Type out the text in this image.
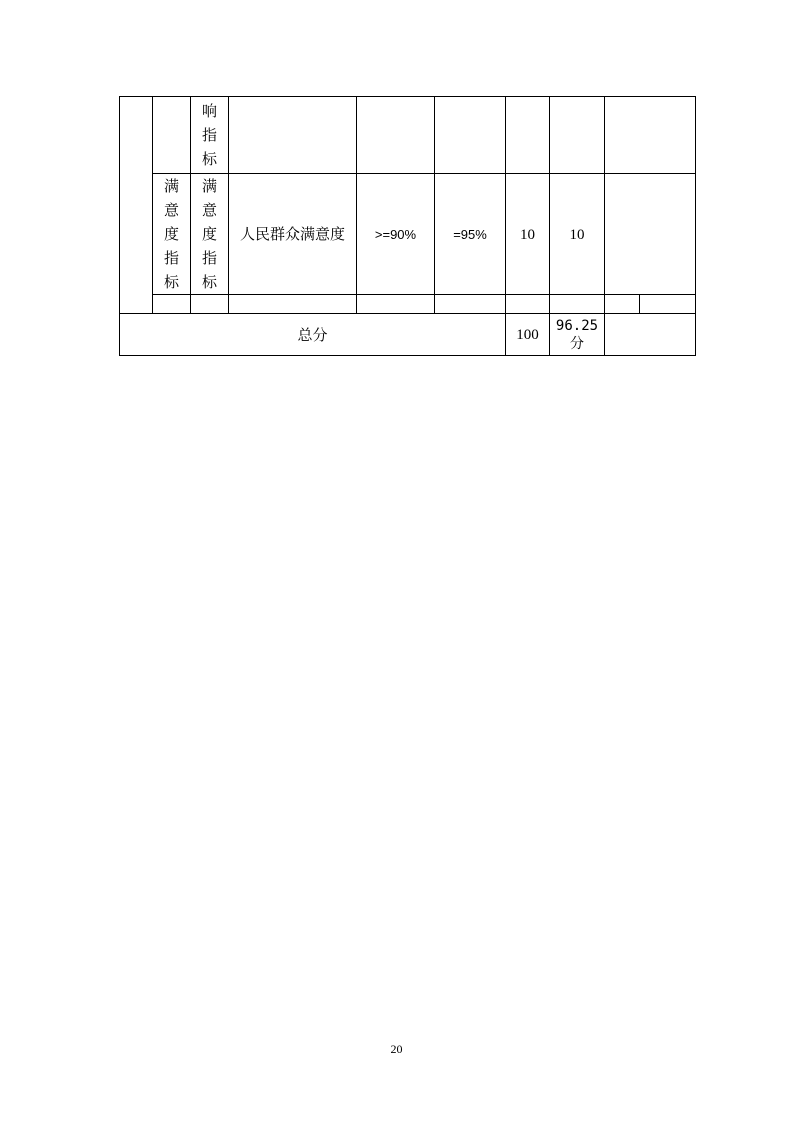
		响指标							
	满意度指标	满意度指标	人民群众满意度	>=90%	=95%	10	10		

总分						100	96.25分		
20
